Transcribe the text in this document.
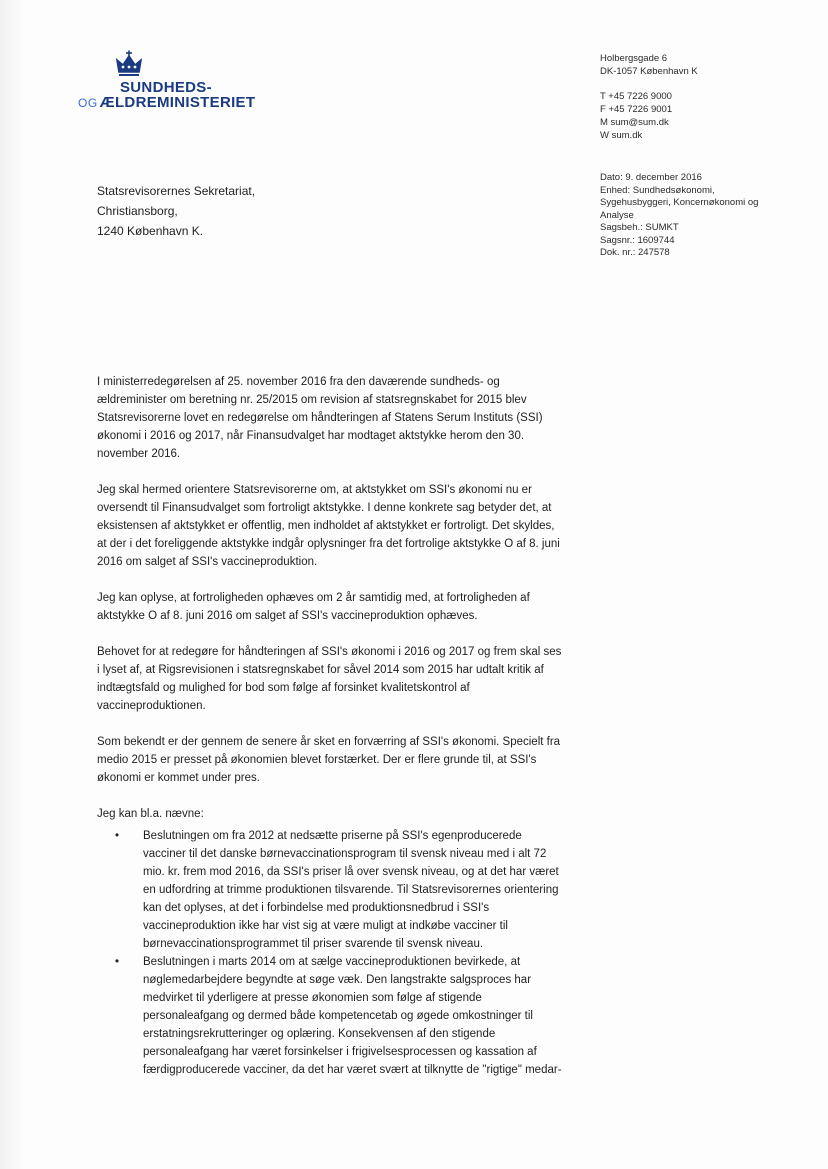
SUNDHEDS-
OG ÆLDREMINISTERIET
Holbergsgade 6
DK-1057 København K
T +45 7226 9000
F +45 7226 9001
M sum@sum.dk
W sum.dk
Dato: 9. december 2016
Enhed: Sundhedsøkonomi, Sygehusbyggeri, Koncernøkonomi og Analyse
Sagsbeh.: SUMKT
Sagsnr.: 1609744
Dok. nr.: 247578
Statsrevisorernes Sekretariat,
Christiansborg,
1240 København K.

I ministerredegørelsen af 25. november 2016 fra den daværende sundheds- og ældreminister om beretning nr. 25/2015 om revision af statsregnskabet for 2015 blev Statsrevisorerne lovet en redegørelse om håndteringen af Statens Serum Instituts (SSI) økonomi i 2016 og 2017, når Finansudvalget har modtaget aktstykke herom den 30. november 2016.

Jeg skal hermed orientere Statsrevisorerne om, at aktstykket om SSI's økonomi nu er oversendt til Finansudvalget som fortroligt aktstykke. I denne konkrete sag betyder det, at eksistensen af aktstykket er offentlig, men indholdet af aktstykket er fortroligt. Det skyldes, at der i det foreliggende aktstykke indgår oplysninger fra det fortrolige aktstykke O af 8. juni 2016 om salget af SSI's vaccineproduktion.

Jeg kan oplyse, at fortroligheden ophæves om 2 år samtidig med, at fortroligheden af aktstykke O af 8. juni 2016 om salget af SSI's vaccineproduktion ophæves.

Behovet for at redegøre for håndteringen af SSI's økonomi i 2016 og 2017 og frem skal ses i lyset af, at Rigsrevisionen i statsregnskabet for såvel 2014 som 2015 har udtalt kritik af indtægtsfald og mulighed for bod som følge af forsinket kvalitetskontrol af vaccineproduktionen.

Som bekendt er der gennem de senere år sket en forværring af SSI's økonomi. Specielt fra medio 2015 er presset på økonomien blevet forstærket. Der er flere grunde til, at SSI's økonomi er kommet under pres.

Jeg kan bl.a. nævne:

• Beslutningen om fra 2012 at nedsætte priserne på SSI's egenproducerede vacciner til det danske børnevaccinationsprogram til svensk niveau med i alt 72 mio. kr. frem mod 2016, da SSI's priser lå over svensk niveau, og at det har været en udfordring at trimme produktionen tilsvarende. Til Statsrevisorernes orientering kan det oplyses, at det i forbindelse med produktionsnedbrud i SSI's vaccineproduktion ikke har vist sig at være muligt at indkøbe vacciner til børnevaccinationsprogrammet til priser svarende til svensk niveau.
• Beslutningen i marts 2014 om at sælge vaccineproduktionen bevirkede, at nøglemedarbejdere begyndte at søge væk. Den langstrakte salgsproces har medvirket til yderligere at presse økonomien som følge af stigende personaleafgang og dermed både kompetencetab og øgede omkostninger til erstatningsrekrutteringer og oplæring. Konsekvensen af den stigende personaleafgang har været forsinkelser i frigivelsesprocessen og kassation af færdigproducerede vacciner, da det har været svært at tilknytte de "rigtige" medar-
